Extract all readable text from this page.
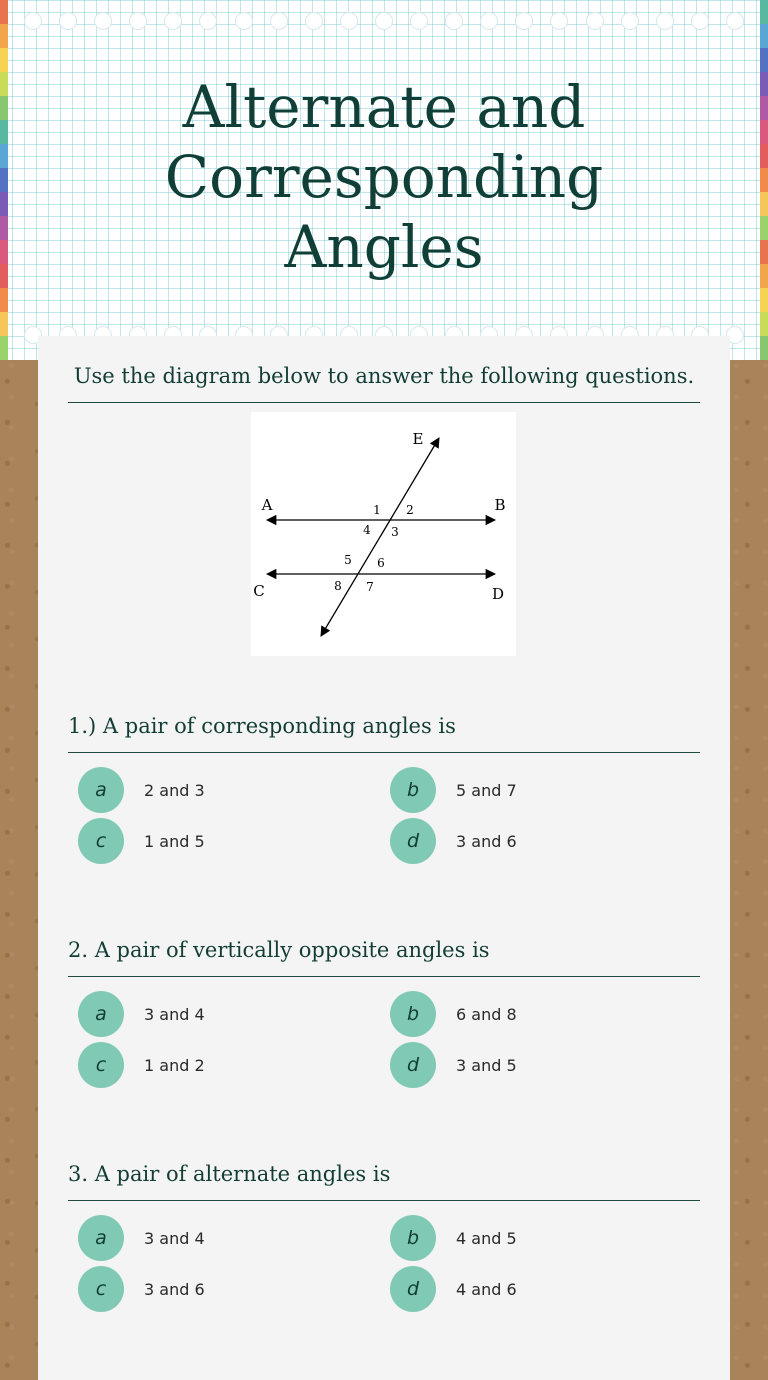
Alternate and
Corresponding
Angles

Use the diagram below to answer the following questions.

A	B
C	D
E
1 2
3
4
5 6
7
8
1.) A pair of corresponding angles is
a	2 and 3	b	5 and 7
c	1 and 5	d	3 and 6
2. A pair of vertically opposite angles is
a	3 and 4	b	6 and 8
c	1 and 2	d	3 and 5
3. A pair of alternate angles is
a	3 and 4	b	4 and 5
c	3 and 6	d	4 and 6
